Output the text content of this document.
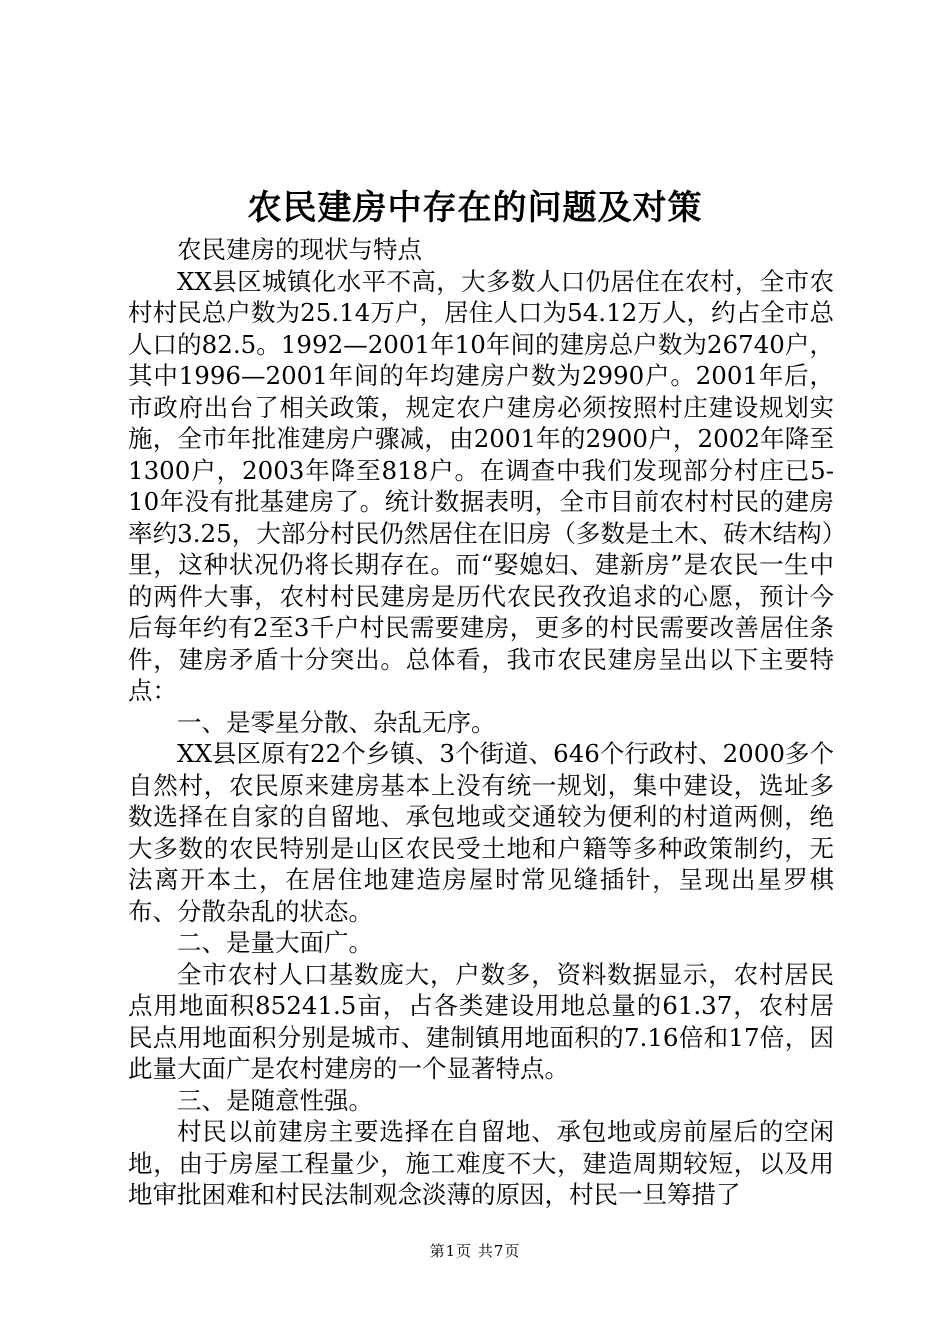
农民建房中存在的问题及对策

农民建房的现状与特点

XX县区城镇化水平不高，大多数人口仍居住在农村，全市农村村民总户数为25.14万户，居住人口为54.12万人，约占全市总人口的82.5。1992—2001年10年间的建房总户数为26740户，其中1996—2001年间的年均建房户数为2990户。2001年后，市政府出台了相关政策，规定农户建房必须按照村庄建设规划实施，全市年批准建房户骤减，由2001年的2900户，2002年降至1300户，2003年降至818户。在调查中我们发现部分村庄已5-10年没有批基建房了。统计数据表明，全市目前农村村民的建房率约3.25，大部分村民仍然居住在旧房（多数是土木、砖木结构）里，这种状况仍将长期存在。而“娶媳妇、建新房”是农民一生中的两件大事，农村村民建房是历代农民孜孜追求的心愿，预计今后每年约有2至3千户村民需要建房，更多的村民需要改善居住条件，建房矛盾十分突出。总体看，我市农民建房呈出以下主要特点：

一、是零星分散、杂乱无序。

XX县区原有22个乡镇、3个街道、646个行政村、2000多个自然村，农民原来建房基本上没有统一规划，集中建设，选址多数选择在自家的自留地、承包地或交通较为便利的村道两侧，绝大多数的农民特别是山区农民受土地和户籍等多种政策制约，无法离开本土，在居住地建造房屋时常见缝插针，呈现出星罗棋布、分散杂乱的状态。

二、是量大面广。

全市农村人口基数庞大，户数多，资料数据显示，农村居民点用地面积85241.5亩，占各类建设用地总量的61.37，农村居民点用地面积分别是城市、建制镇用地面积的7.16倍和17倍，因此量大面广是农村建房的一个显著特点。

三、是随意性强。

村民以前建房主要选择在自留地、承包地或房前屋后的空闲地，由于房屋工程量少，施工难度不大，建造周期较短，以及用地审批困难和村民法制观念淡薄的原因，村民一旦筹措了

第1页 共7页
